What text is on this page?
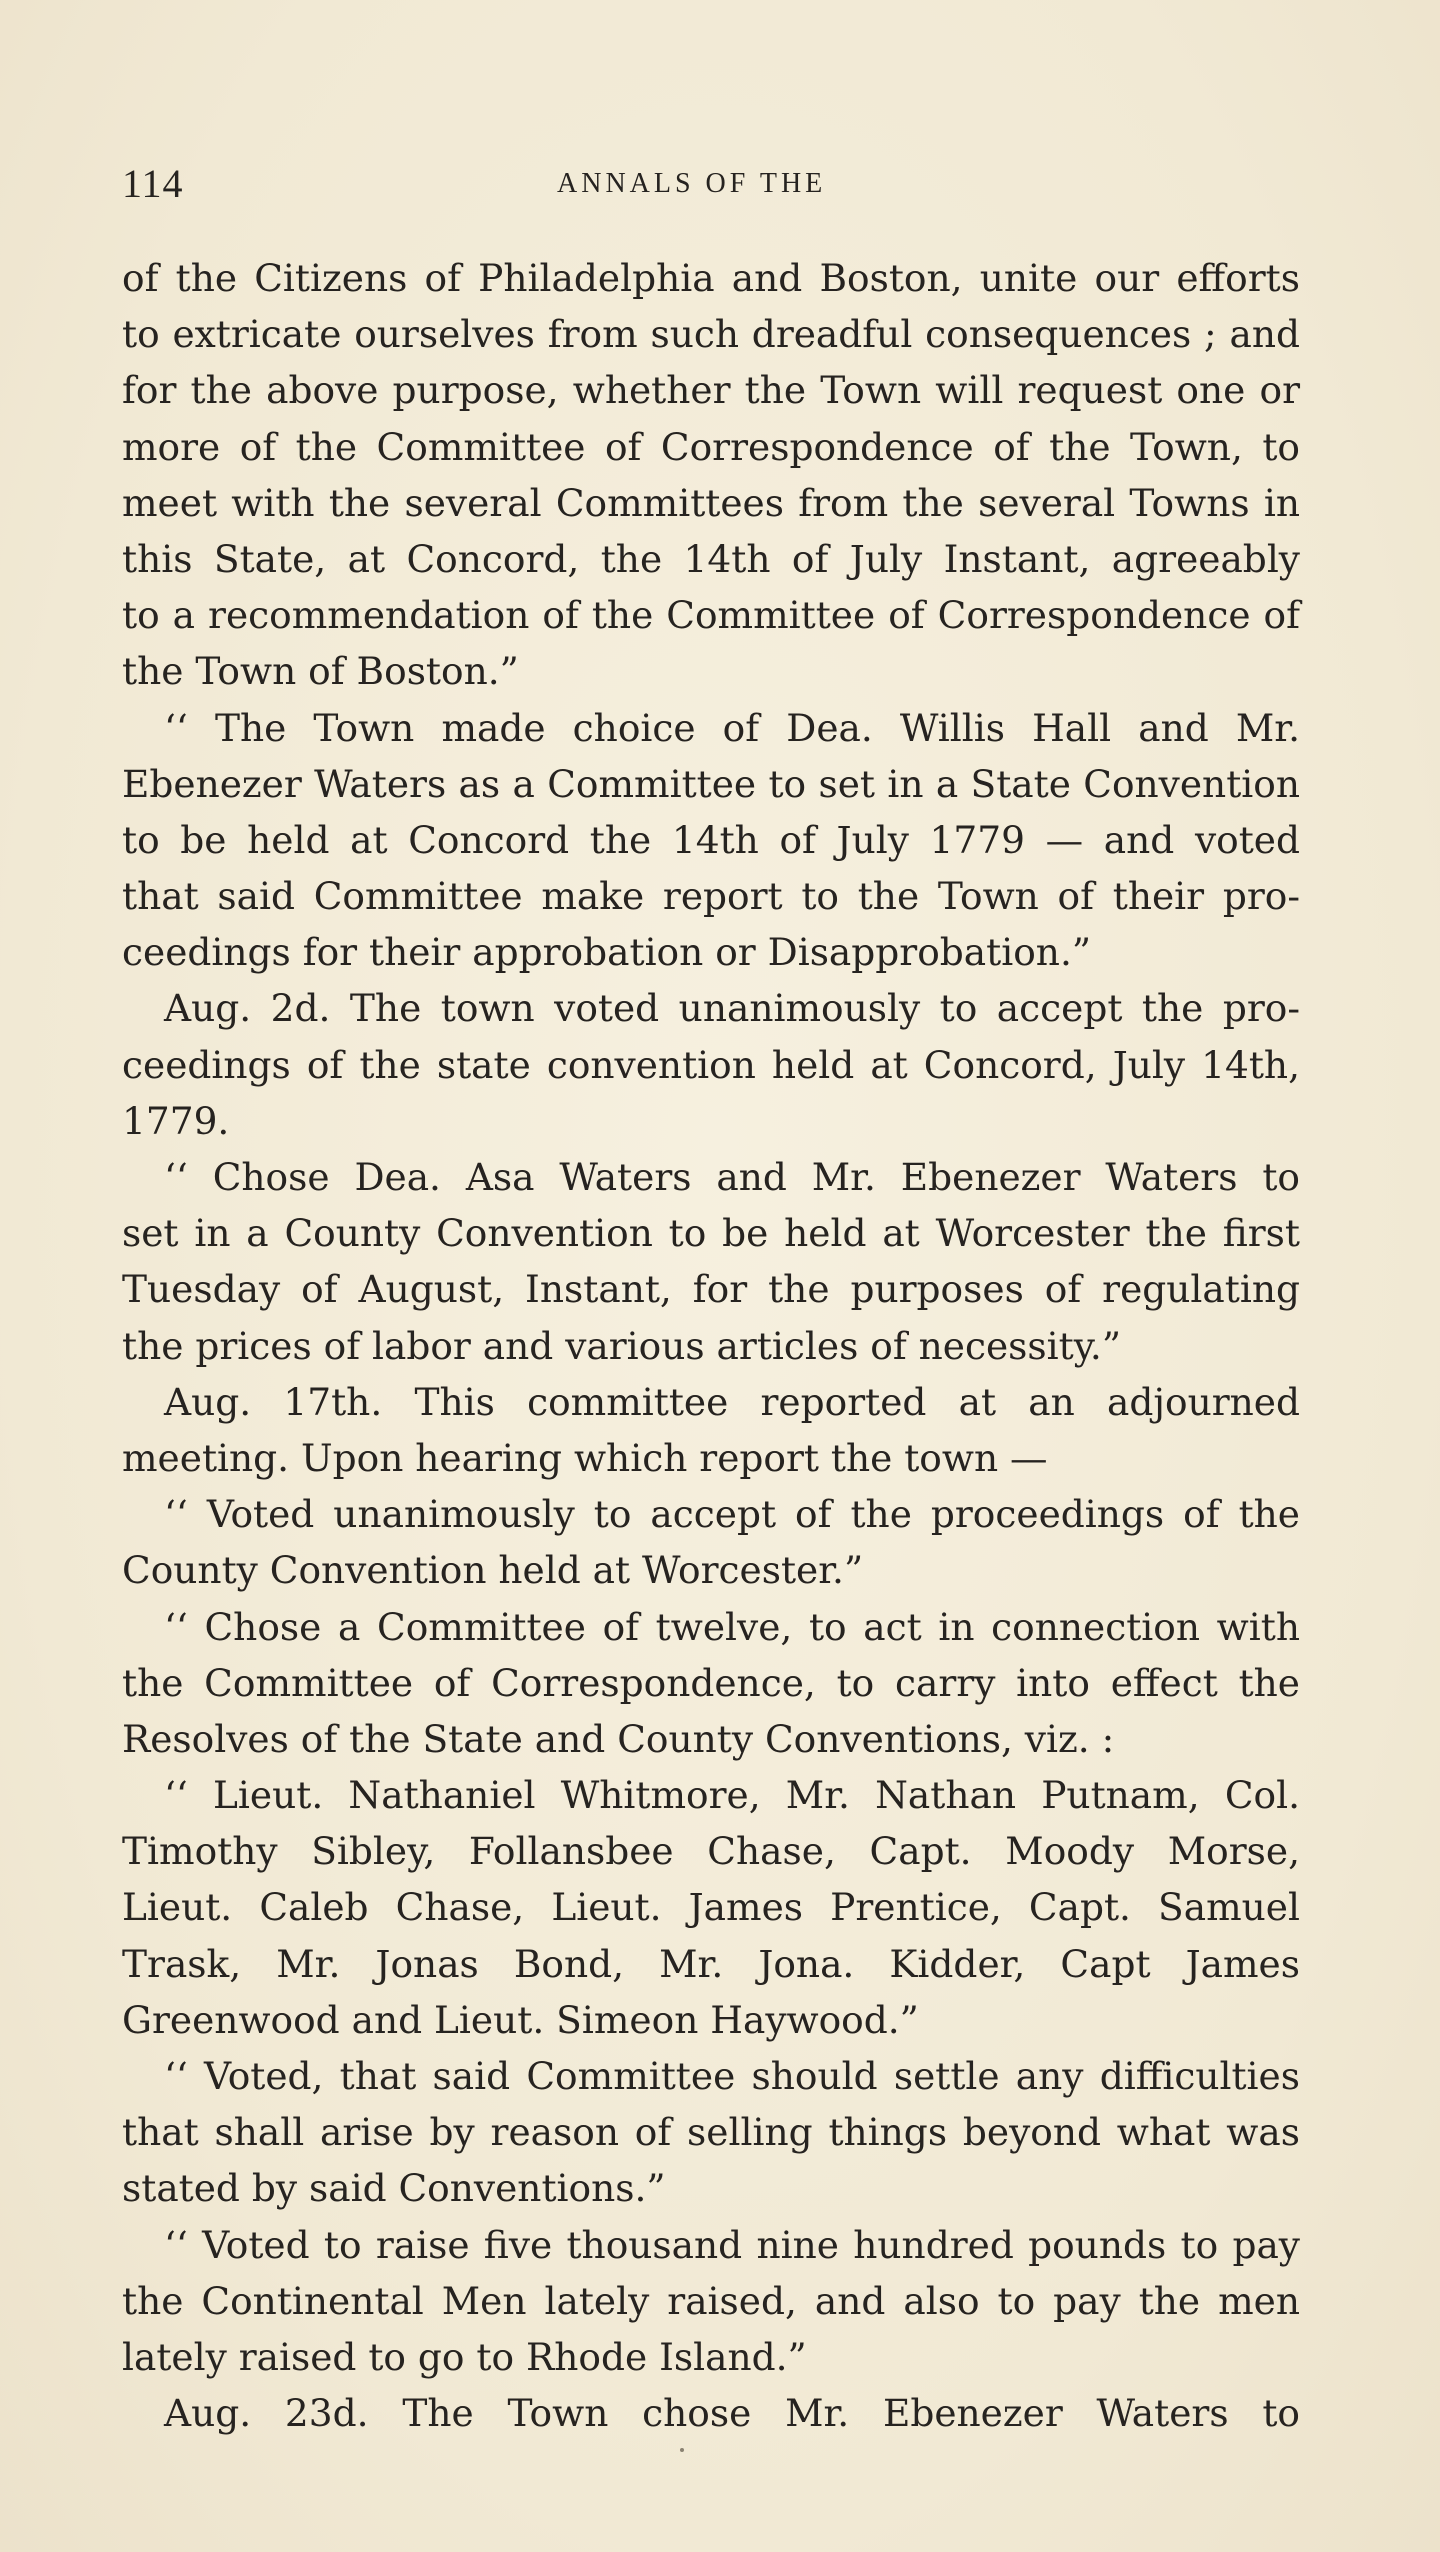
114	ANNALS OF THE
of the Citizens of Philadelphia and Boston, unite our efforts
to extricate ourselves from such dreadful consequences ; and
for the above purpose, whether the Town will request one or
more of the Committee of Correspondence of the Town, to
meet with the several Committees from the several Towns in
this State, at Concord, the 14th of July Instant, agreeably
to a recommendation of the Committee of Correspondence of
the Town of Boston.”
‘‘ The Town made choice of Dea. Willis Hall and Mr.
Ebenezer Waters as a Committee to set in a State Convention
to be held at Concord the 14th of July 1779 — and voted
that said Committee make report to the Town of their pro-
ceedings for their approbation or Disapprobation.”
Aug. 2d. The town voted unanimously to accept the pro-
ceedings of the state convention held at Concord, July 14th,
1779.
‘‘ Chose Dea. Asa Waters and Mr. Ebenezer Waters to
set in a County Convention to be held at Worcester the first
Tuesday of August, Instant, for the purposes of regulating
the prices of labor and various articles of necessity.”
Aug. 17th. This committee reported at an adjourned
meeting. Upon hearing which report the town —
‘‘ Voted unanimously to accept of the proceedings of the
County Convention held at Worcester.”
‘‘ Chose a Committee of twelve, to act in connection with
the Committee of Correspondence, to carry into effect the
Resolves of the State and County Conventions, viz. :
‘‘ Lieut. Nathaniel Whitmore, Mr. Nathan Putnam, Col.
Timothy Sibley, Follansbee Chase, Capt. Moody Morse,
Lieut. Caleb Chase, Lieut. James Prentice, Capt. Samuel
Trask, Mr. Jonas Bond, Mr. Jona. Kidder, Capt James
Greenwood and Lieut. Simeon Haywood.”
‘‘ Voted, that said Committee should settle any difficulties
that shall arise by reason of selling things beyond what was
stated by said Conventions.”
‘‘ Voted to raise five thousand nine hundred pounds to pay
the Continental Men lately raised, and also to pay the men
lately raised to go to Rhode Island.”
Aug. 23d. The Town chose Mr. Ebenezer Waters to
